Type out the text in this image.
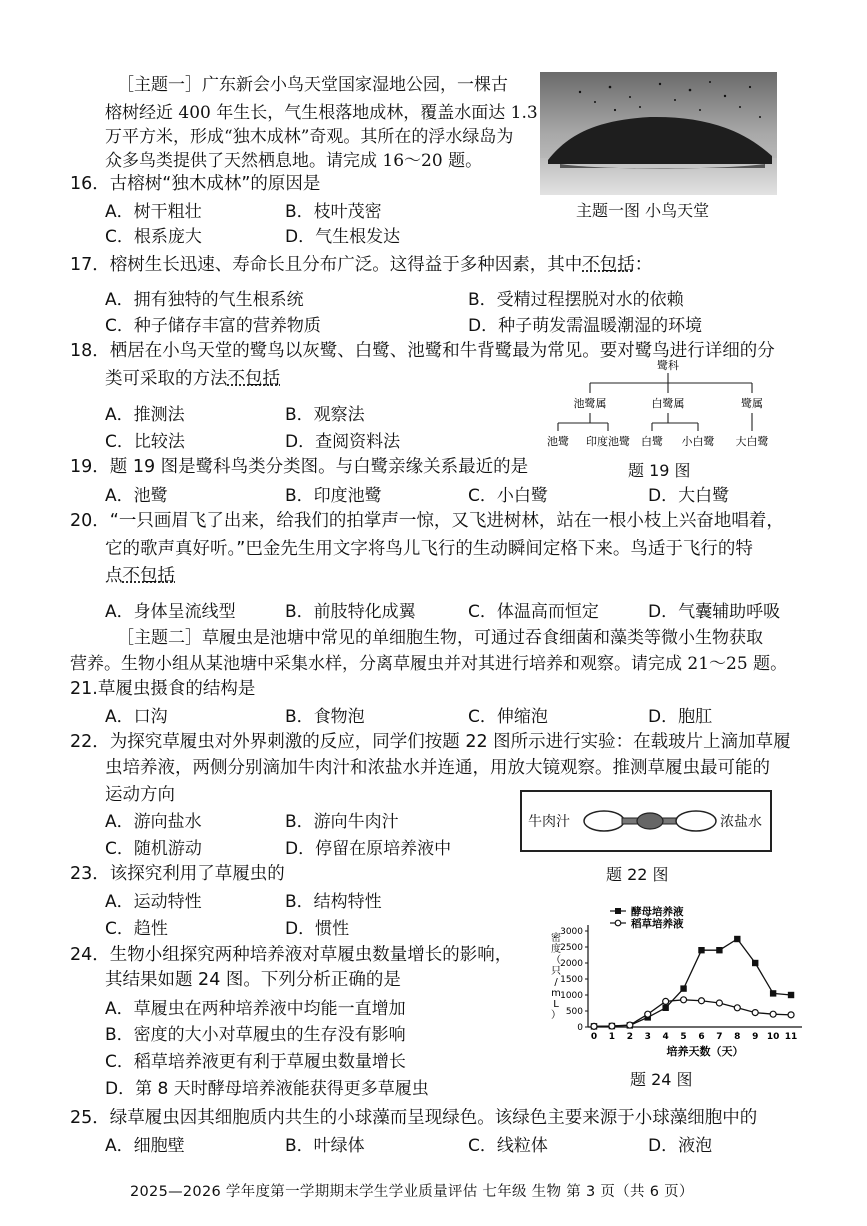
［主题一］广东新会小鸟天堂国家湿地公园，一棵古
榕树经近 400 年生长，气生根落地成林，覆盖水面达 1.3
万平方米，形成“独木成林”奇观。其所在的浮水绿岛为
众多鸟类提供了天然栖息地。请完成 16～20 题。
主题一图 小鸟天堂
16．古榕树“独木成林”的原因是
A．树干粗壮	B．枝叶茂密
C．根系庞大	D．气生根发达
17．榕树生长迅速、寿命长且分布广泛。这得益于多种因素，其中不包括：
A．拥有独特的气生根系统	B．受精过程摆脱对水的依赖
C．种子储存丰富的营养物质	D．种子萌发需温暖潮湿的环境
18．栖居在小鸟天堂的鹭鸟以灰鹭、白鹭、池鹭和牛背鹭最为常见。要对鹭鸟进行详细的分
类可采取的方法不包括
A．推测法	B．观察法
C．比较法	D．查阅资料法
鹭科
池鹭属	白鹭属	鹭属
池鹭 印度池鹭 白鹭 小白鹭 大白鹭
题 19 图
19．题 19 图是鹭科鸟类分类图。与白鹭亲缘关系最近的是
A．池鹭	B．印度池鹭	C．小白鹭	D．大白鹭
20．“一只画眉飞了出来，给我们的拍掌声一惊，又飞进树林，站在一根小枝上兴奋地唱着，
它的歌声真好听。”巴金先生用文字将鸟儿飞行的生动瞬间定格下来。鸟适于飞行的特
点不包括
A．身体呈流线型	B．前肢特化成翼	C．体温高而恒定	D．气囊辅助呼吸
［主题二］草履虫是池塘中常见的单细胞生物，可通过吞食细菌和藻类等微小生物获取
营养。生物小组从某池塘中采集水样，分离草履虫并对其进行培养和观察。请完成 21～25 题。
21.草履虫摄食的结构是
A．口沟	B．食物泡	C．伸缩泡	D．胞肛
22．为探究草履虫对外界刺激的反应，同学们按题 22 图所示进行实验：在载玻片上滴加草履
虫培养液，两侧分别滴加牛肉汁和浓盐水并连通，用放大镜观察。推测草履虫最可能的
运动方向
A．游向盐水	B．游向牛肉汁
C．随机游动	D．停留在原培养液中
牛肉汁	浓盐水
题 22 图
23．该探究利用了草履虫的
A．运动特性	B．结构特性
C．趋性	D．惯性
24．生物小组探究两种培养液对草履虫数量增长的影响，
其结果如题 24 图。下列分析正确的是
A．草履虫在两种培养液中均能一直增加
B．密度的大小对草履虫的生存没有影响
C．稻草培养液更有利于草履虫数量增长
D．第 8 天时酵母培养液能获得更多草履虫
0
500
1000
1500
2000
2500
3000
0 1 2 3 4 5 6 7 8 9 10 11
密
度
（
只
/
m
L
）
培养天数（天）
酵母培养液
稻草培养液
题 24 图
25．绿草履虫因其细胞质内共生的小球藻而呈现绿色。该绿色主要来源于小球藻细胞中的
A．细胞壁	B．叶绿体	C．线粒体	D．液泡
2025—2026 学年度第一学期期末学生学业质量评估 七年级 生物 第 3 页（共 6 页）
